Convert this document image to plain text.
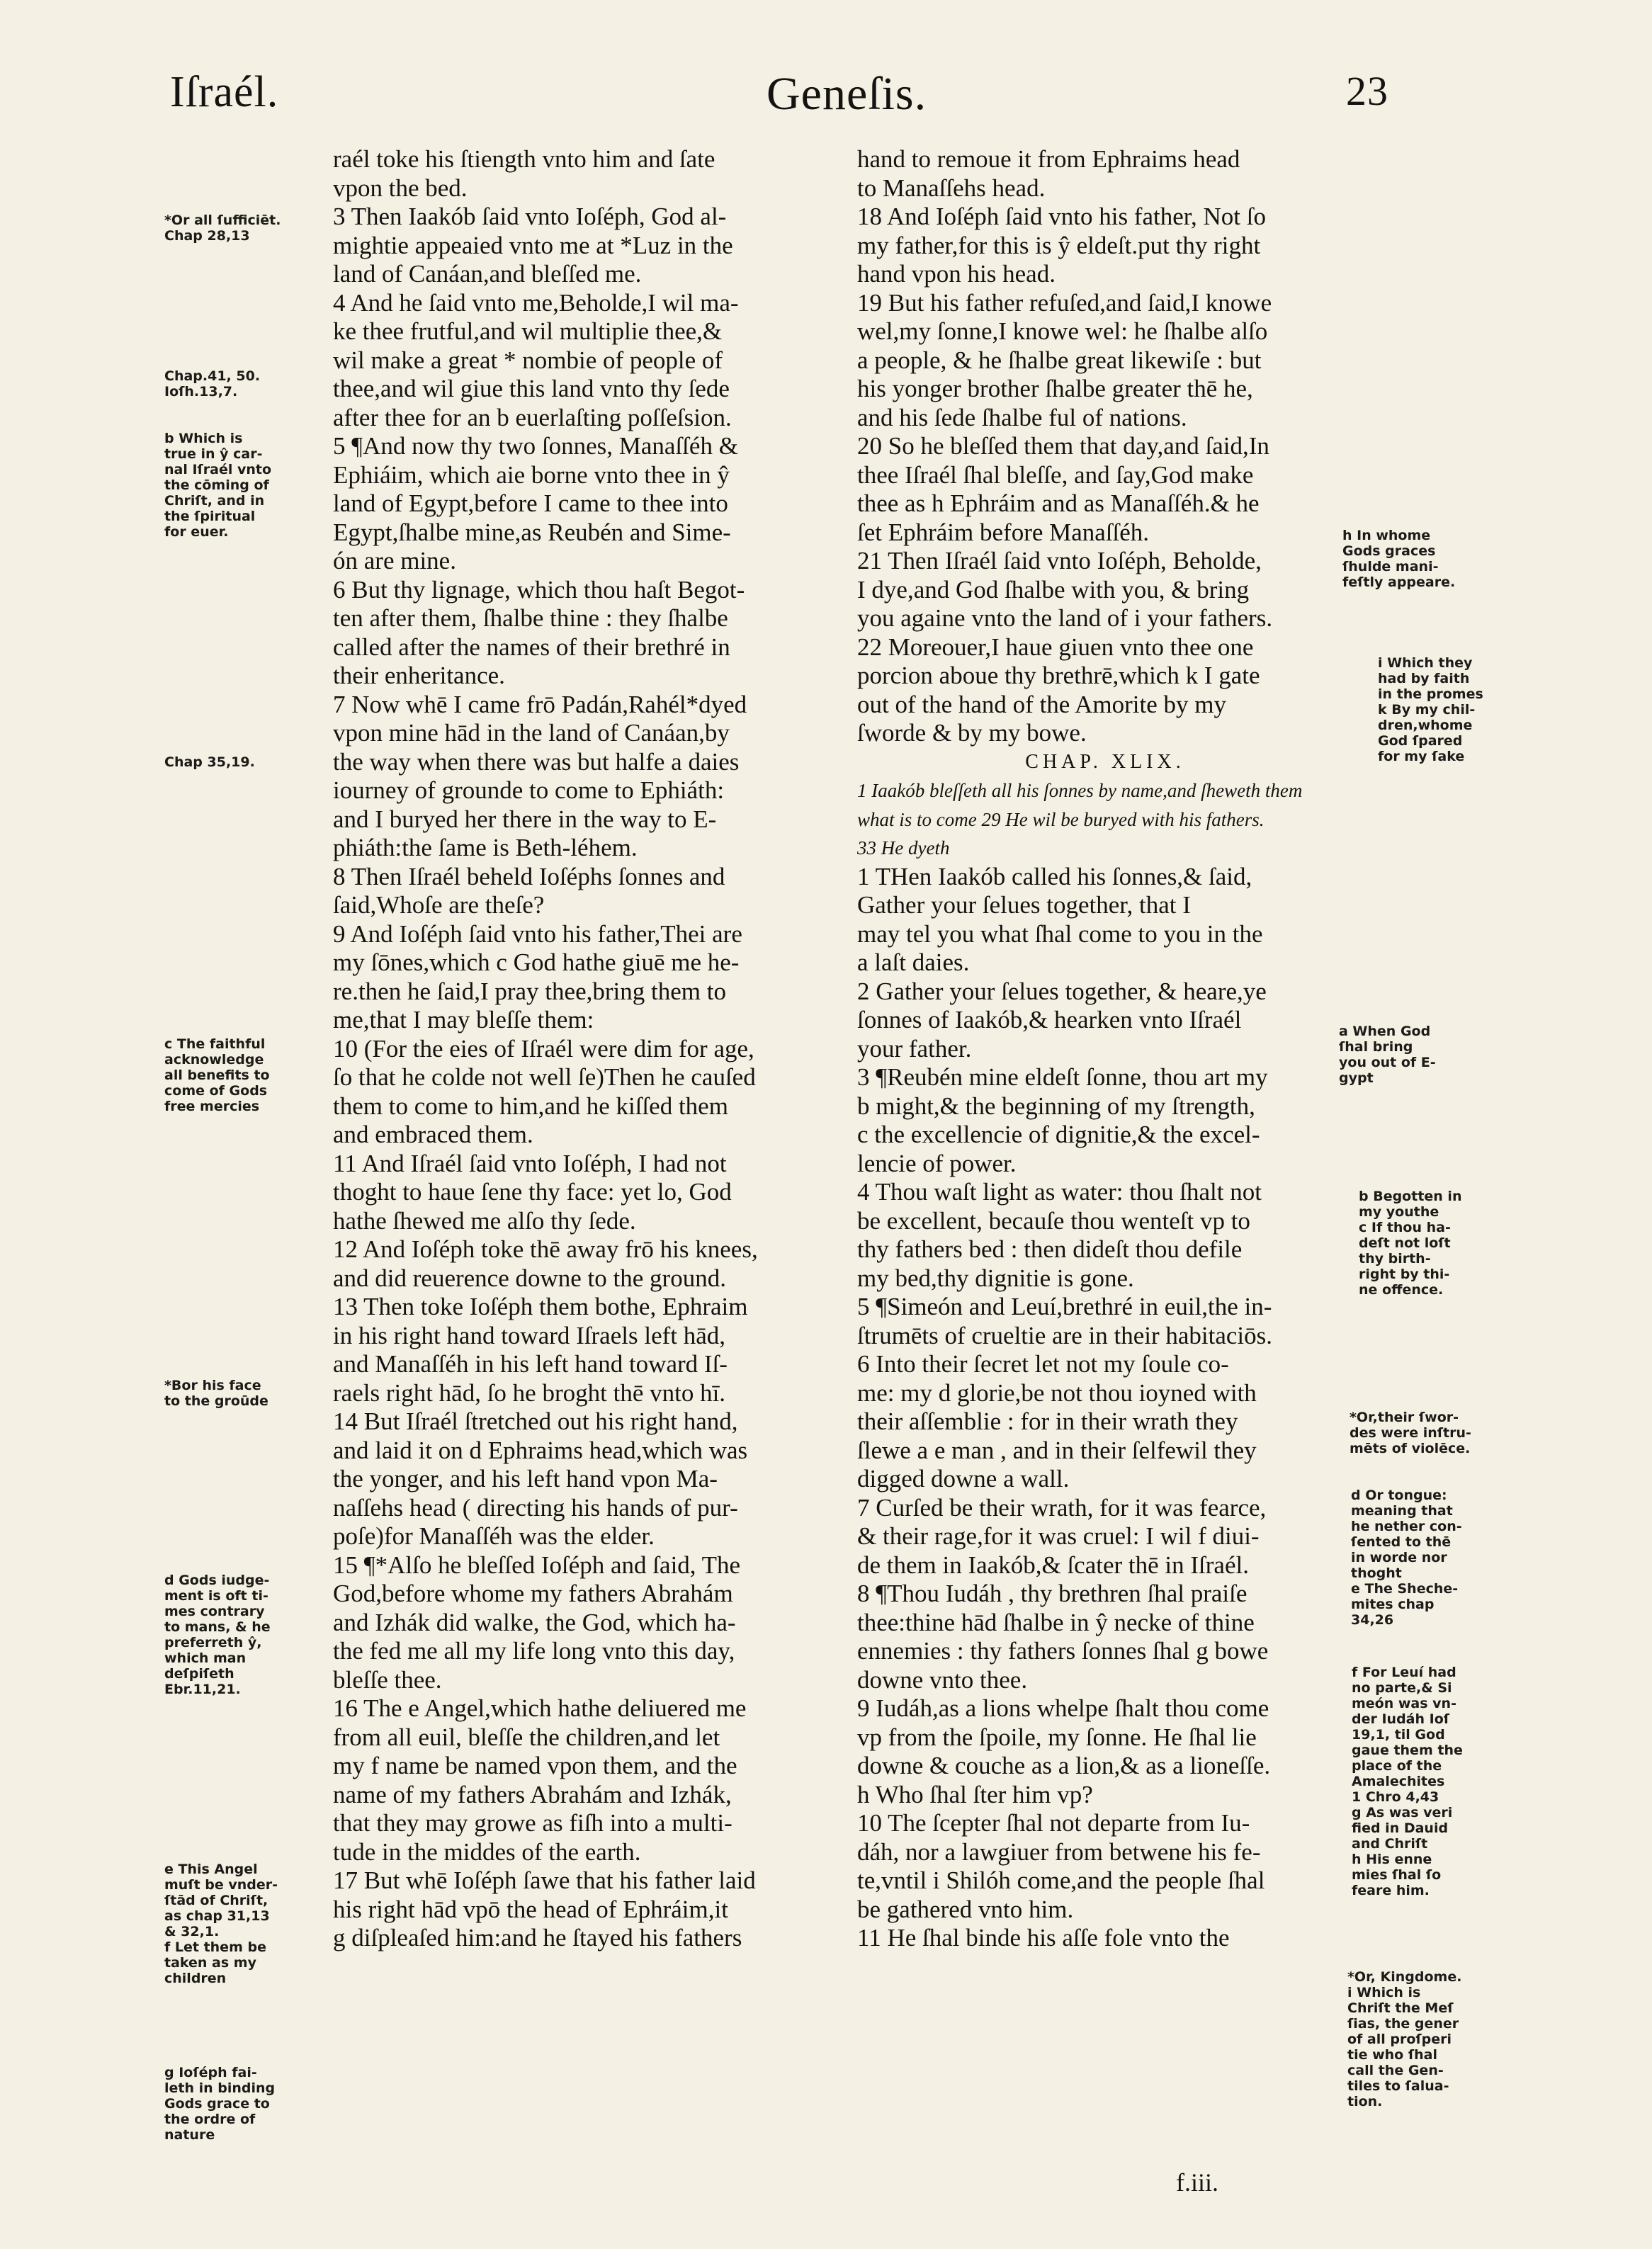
Iſraél.	Geneſis.	23
raél toke his ſtiength vnto him and ſate
vpon the bed.
3 Then Iaakób ſaid vnto Ioſéph, God al-
mightie appeaied vnto me at *Luz in the
land of Canáan,and bleſſed me.
4 And he ſaid vnto me,Beholde,I wil ma-
ke thee frutful,and wil multiplie thee,&
wil make a great * nombie of people of
thee,and wil giue this land vnto thy ſede
after thee for an b euerlaſting poſſeſsion.
5 ¶And now thy two ſonnes, Manaſſéh &
Ephiáim, which aie borne vnto thee in ŷ
land of Egypt,before I came to thee into
Egypt,ſhalbe mine,as Reubén and Sime-
ón are mine.
6 But thy lignage, which thou haſt Begot-
ten after them, ſhalbe thine : they ſhalbe
called after the names of their brethré in
their enheritance.
7 Now whē I came frō Padán,Rahél*dyed
vpon mine hād in the land of Canáan,by
the way when there was but halfe a daies
iourney of grounde to come to Ephiáth:
and I buryed her there in the way to E-
phiáth:the ſame is Beth-léhem.
8 Then Iſraél beheld Ioſéphs ſonnes and
ſaid,Whoſe are theſe?
9 And Ioſéph ſaid vnto his father,Thei are
my ſōnes,which c God hathe giuē me he-
re.then he ſaid,I pray thee,bring them to
me,that I may bleſſe them:
10 (For the eies of Iſraél were dim for age,
ſo that he colde not well ſe)Then he cauſed
them to come to him,and he kiſſed them
and embraced them.
11 And Iſraél ſaid vnto Ioſéph, I had not
thoght to haue ſene thy face: yet lo, God
hathe ſhewed me alſo thy ſede.
12 And Ioſéph toke thē away frō his knees,
and did reuerence downe to the ground.
13 Then toke Ioſéph them bothe, Ephraim
in his right hand toward Iſraels left hād,
and Manaſſéh in his left hand toward Iſ-
raels right hād, ſo he broght thē vnto hī.
14 But Iſraél ſtretched out his right hand,
and laid it on d Ephraims head,which was
the yonger, and his left hand vpon Ma-
naſſehs head ( directing his hands of pur-
poſe)for Manaſſéh was the elder.
15 ¶*Alſo he bleſſed Ioſéph and ſaid, The
God,before whome my fathers Abrahám
and Izhák did walke, the God, which ha-
the fed me all my life long vnto this day,
bleſſe thee.
16 The e Angel,which hathe deliuered me
from all euil, bleſſe the children,and let
my f name be named vpon them, and the
name of my fathers Abrahám and Izhák,
that they may growe as fiſh into a multi-
tude in the middes of the earth.
17 But whē Ioſéph ſawe that his father laid
his right hād vpō the head of Ephráim,it
g diſpleaſed him:and he ſtayed his fathers
hand to remoue it from Ephraims head
to Manaſſehs head.
18 And Ioſéph ſaid vnto his father, Not ſo
my father,for this is ŷ eldeſt.put thy right
hand vpon his head.
19 But his father refuſed,and ſaid,I knowe
wel,my ſonne,I knowe wel: he ſhalbe alſo
a people, & he ſhalbe great likewiſe : but
his yonger brother ſhalbe greater thē he,
and his ſede ſhalbe ful of nations.
20 So he bleſſed them that day,and ſaid,In
thee Iſraél ſhal bleſſe, and ſay,God make
thee as h Ephráim and as Manaſſéh.& he
ſet Ephráim before Manaſſéh.
21 Then Iſraél ſaid vnto Ioſéph, Beholde,
I dye,and God ſhalbe with you, & bring
you againe vnto the land of i your fathers.
22 Moreouer,I haue giuen vnto thee one
porcion aboue thy brethrē,which k I gate
out of the hand of the Amorite by my
ſworde & by my bowe.
CHAP. XLIX.
1 Iaakób bleſſeth all his ſonnes by name,and ſheweth them
what is to come 29 He wil be buryed with his fathers.
33 He dyeth
1 THen Iaakób called his ſonnes,& ſaid,
Gather your ſelues together, that I
may tel you what ſhal come to you in the
a laſt daies.
2 Gather your ſelues together, & heare,ye
ſonnes of Iaakób,& hearken vnto Iſraél
your father.
3 ¶Reubén mine eldeſt ſonne, thou art my
b might,& the beginning of my ſtrength,
c the excellencie of dignitie,& the excel-
lencie of power.
4 Thou waſt light as water: thou ſhalt not
be excellent, becauſe thou wenteſt vp to
thy fathers bed : then dideſt thou defile
my bed,thy dignitie is gone.
5 ¶Simeón and Leuí,brethré in euil,the in-
ſtrumēts of crueltie are in their habitaciōs.
6 Into their ſecret let not my ſoule co-
me: my d glorie,be not thou ioyned with
their aſſemblie : for in their wrath they
ſlewe a e man , and in their ſelfewil they
digged downe a wall.
7 Curſed be their wrath, for it was fearce,
& their rage,for it was cruel: I wil f diui-
de them in Iaakób,& ſcater thē in Iſraél.
8 ¶Thou Iudáh , thy brethren ſhal praiſe
thee:thine hād ſhalbe in ŷ necke of thine
ennemies : thy fathers ſonnes ſhal g bowe
downe vnto thee.
9 Iudáh,as a lions whelpe ſhalt thou come
vp from the ſpoile, my ſonne. He ſhal lie
downe & couche as a lion,& as a lioneſſe.
h Who ſhal ſter him vp?
10 The ſcepter ſhal not departe from Iu-
dáh, nor a lawgiuer from betwene his fe-
te,vntil i Shilóh come,and the people ſhal
be gathered vnto him.
11 He ſhal binde his aſſe fole vnto the
*Or all ſufficiēt.
Chap 28,13
Chap.41, 50.
Ioſh.13,7.
b Which is
true in ŷ car-
nal Iſraél vnto
the cōming of
Chriſt, and in
the ſpiritual
for euer.
Chap 35,19.
c The faithful
acknowledge
all benefits to
come of Gods
free mercies
*Bor his face
to the groūde
d Gods iudge-
ment is oft ti-
mes contrary
to mans, & he
preferreth ŷ,
which man
deſpiſeth
Ebr.11,21.
e This Angel
muſt be vnder-
ſtād of Chriſt,
as chap 31,13
& 32,1.
f Let them be
taken as my
children
g Ioſéph fai-
leth in binding
Gods grace to
the ordre of
nature
h In whome
Gods graces
ſhulde mani-
feſtly appeare.
i Which they
had by faith
in the promes
k By my chil-
dren,whome
God ſpared
for my ſake
a When God
ſhal bring
you out of E-
gypt
b Begotten in
my youthe
c If thou ha-
deſt not loſt
thy birth-
right by thi-
ne offence.
*Or,their ſwor-
des were inſtru-
mēts of violēce.
d Or tongue:
meaning that
he nether con-
ſented to thē
in worde nor
thoght
e The Sheche-
mites chap
34,26
f For Leuí had
no parte,& Si
meón was vn-
der Iudáh Ioſ
19,1, til God
gaue them the
place of the
Amalechites
1 Chro 4,43
g As was veri
fied in Dauid
and Chriſt
h His enne
mies ſhal ſo
feare him.
*Or, Kingdome.
i Which is
Chriſt the Meſ
ſias, the gener
of all proſperi
tie who ſhal
call the Gen-
tiles to ſalua-
tion.
f.iii.
